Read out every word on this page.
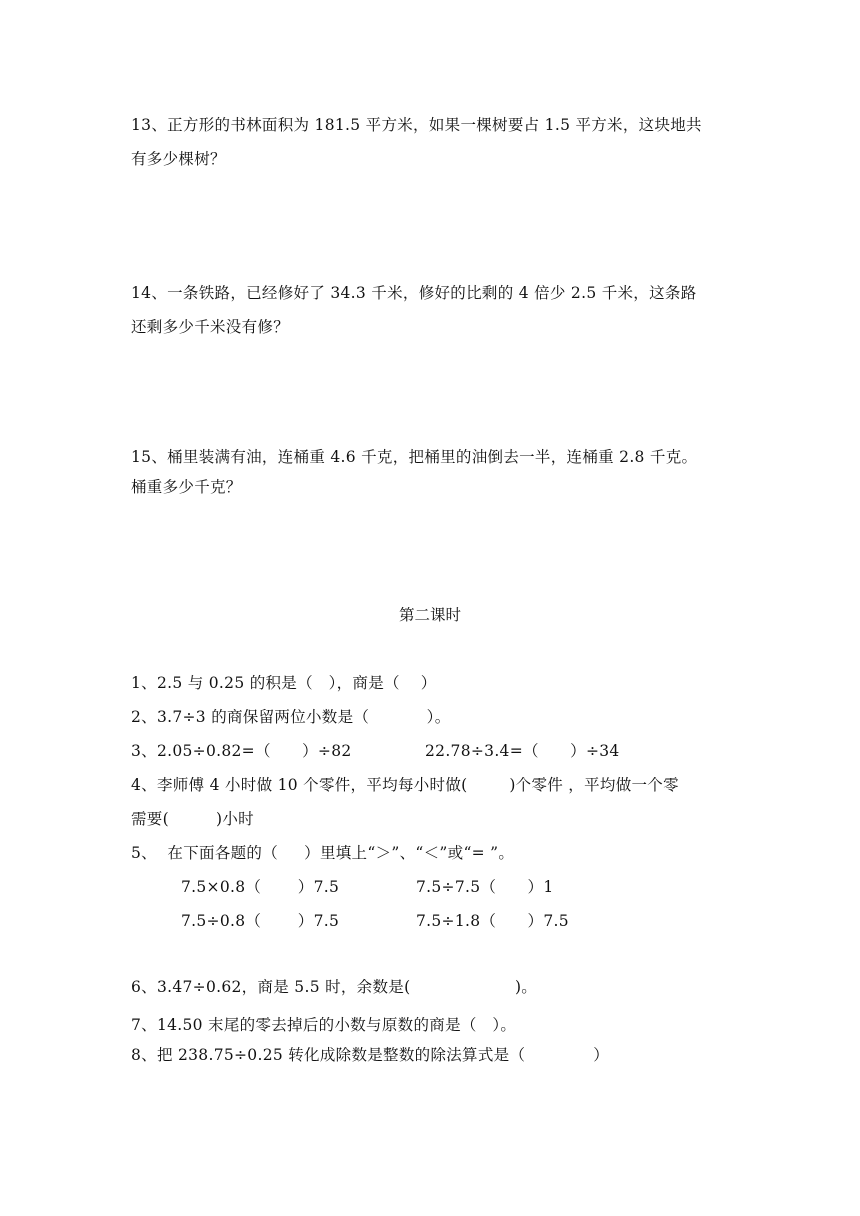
13、正方形的书林面积为 181.5 平方米，如果一棵树要占 1.5 平方米，这块地共
有多少棵树？
14、一条铁路，已经修好了 34.3 千米，修好的比剩的 4 倍少 2.5 千米，这条路
还剩多少千米没有修？
15、桶里装满有油，连桶重 4.6 千克，把桶里的油倒去一半，连桶重 2.8 千克。
桶重多少千克？
第二课时
1、2.5 与 0.25 的积是（   ），商是（    ）
2、3.7÷3 的商保留两位小数是（           ）。
3、2.05÷0.82=（      ）÷82	22.78÷3.4=（      ）÷34
4、李师傅 4 小时做 10 个零件，平均每小时做(        )个零件 ，平均做一个零
需要(         )小时
5、  在下面各题的（     ）里填上“＞”、“＜”或“= ”。
7.5×0.8（       ）7.5	7.5÷7.5（      ）1
7.5÷0.8（       ）7.5	7.5÷1.8（      ）7.5
6、3.47÷0.62，商是 5.5 时，余数是(                    )。
7、14.50 末尾的零去掉后的小数与原数的商是（   ）。
8、把 238.75÷0.25 转化成除数是整数的除法算式是（             ）
